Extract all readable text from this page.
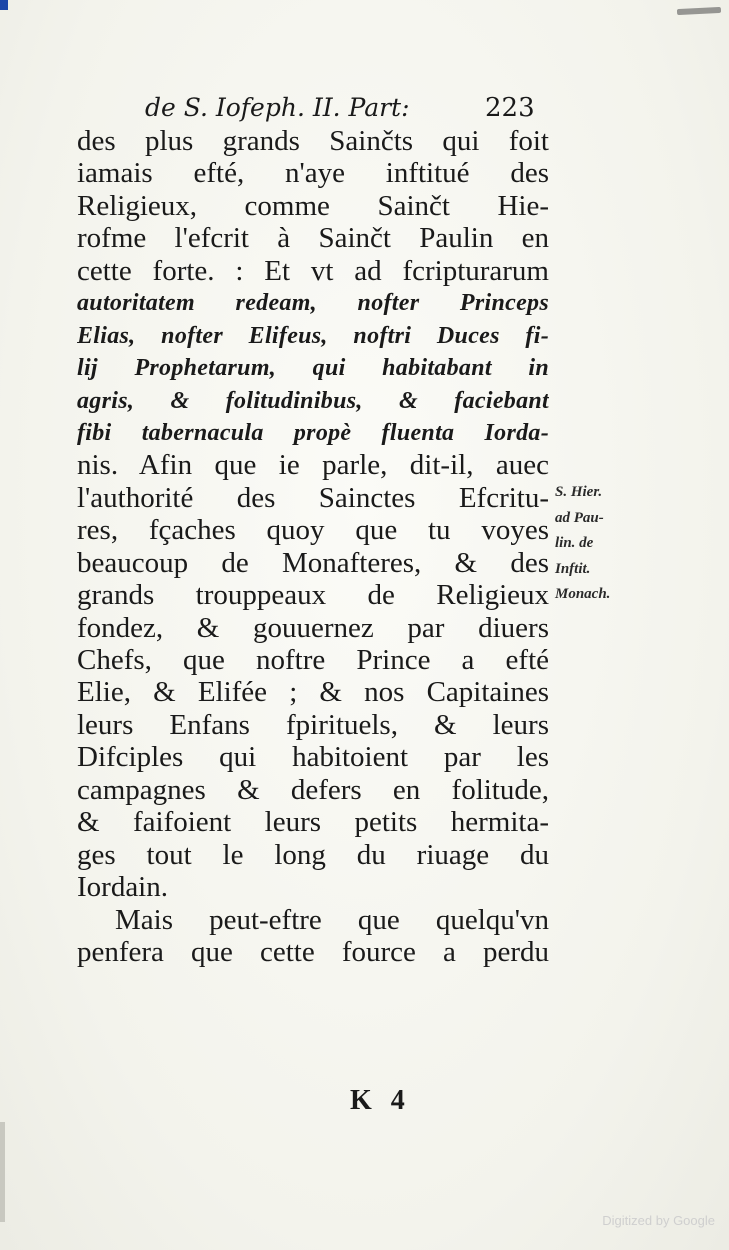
de S. Iofeph. II. Part:	223
des plus grands Sainčts qui foit
iamais efté, n'aye inftitué des
Religieux, comme Sainčt Hie-
rofme l'efcrit à Sainčt Paulin en
cette forte. : Et vt ad fcripturarum
autoritatem redeam, nofter Princeps
Elias, nofter Elifeus, noftri Duces fi-
lij Prophetarum, qui habitabant in
agris, & folitudinibus, & faciebant
fibi tabernacula propè fluenta Iorda-
nis. Afin que ie parle, dit-il, auec
l'authorité des Sainctes Efcritu-
res, fçaches quoy que tu voyes
beaucoup de Monafteres, & des
grands trouppeaux de Religieux
fondez, & gouuernez par diuers
Chefs, que noftre Prince a efté
Elie, & Elifée ; & nos Capitaines
leurs Enfans fpirituels, & leurs
Difciples qui habitoient par les
campagnes & defers en folitude,
& faifoient leurs petits hermita-
ges tout le long du riuage du
Iordain.
Mais peut-eftre que quelqu'vn
penfera que cette fource a perdu
S. Hier.
ad Pau-
lin. de
Inftit.
Monach.
K 4
Digitized by Google
